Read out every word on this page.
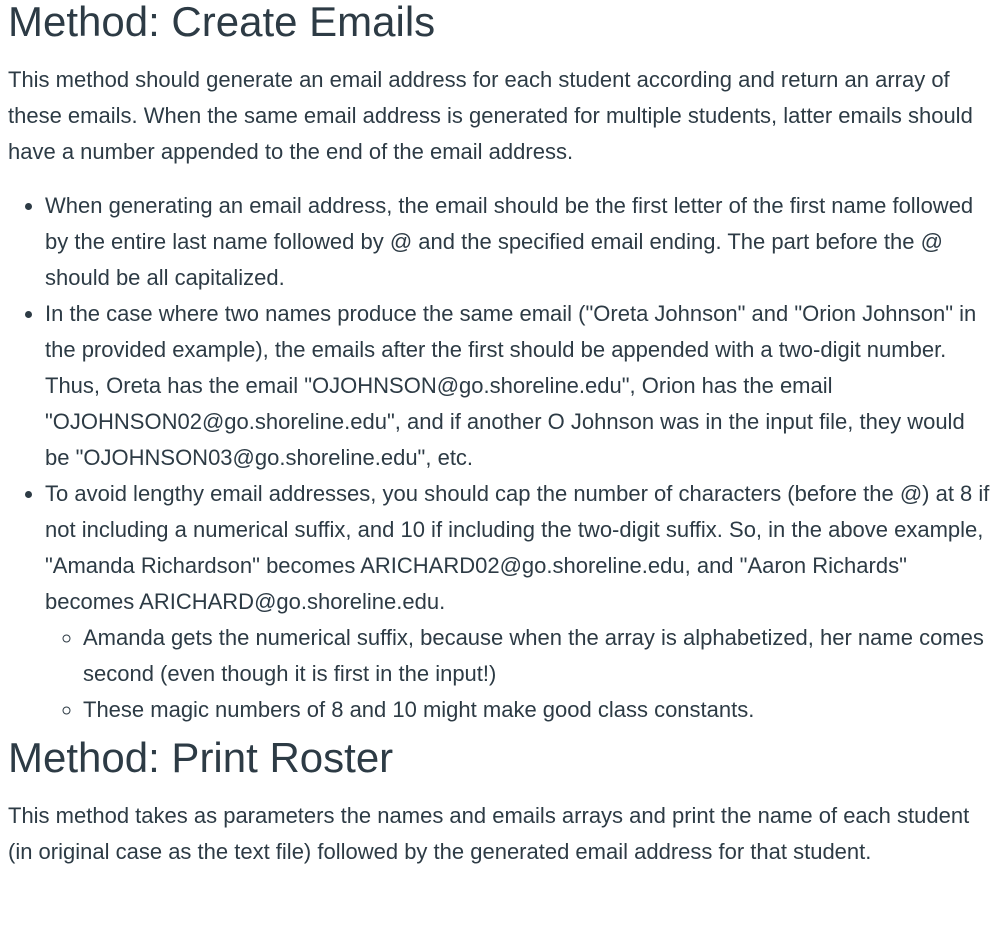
Method: Create Emails

This method should generate an email address for each student according and return an array of these emails. When the same email address is generated for multiple students, latter emails should have a number appended to the end of the email address.

• When generating an email address, the email should be the first letter of the first name followed by the entire last name followed by @ and the specified email ending. The part before the @ should be all capitalized.
• In the case where two names produce the same email ("Oreta Johnson" and "Orion Johnson" in the provided example), the emails after the first should be appended with a two-digit number. Thus, Oreta has the email "OJOHNSON@go.shoreline.edu", Orion has the email "OJOHNSON02@go.shoreline.edu", and if another O Johnson was in the input file, they would be "OJOHNSON03@go.shoreline.edu", etc.
• To avoid lengthy email addresses, you should cap the number of characters (before the @) at 8 if not including a numerical suffix, and 10 if including the two-digit suffix. So, in the above example, "Amanda Richardson" becomes ARICHARD02@go.shoreline.edu, and "Aaron Richards" becomes ARICHARD@go.shoreline.edu.
◦ Amanda gets the numerical suffix, because when the array is alphabetized, her name comes second (even though it is first in the input!)
◦ These magic numbers of 8 and 10 might make good class constants.
Method: Print Roster

This method takes as parameters the names and emails arrays and print the name of each student (in original case as the text file) followed by the generated email address for that student.
